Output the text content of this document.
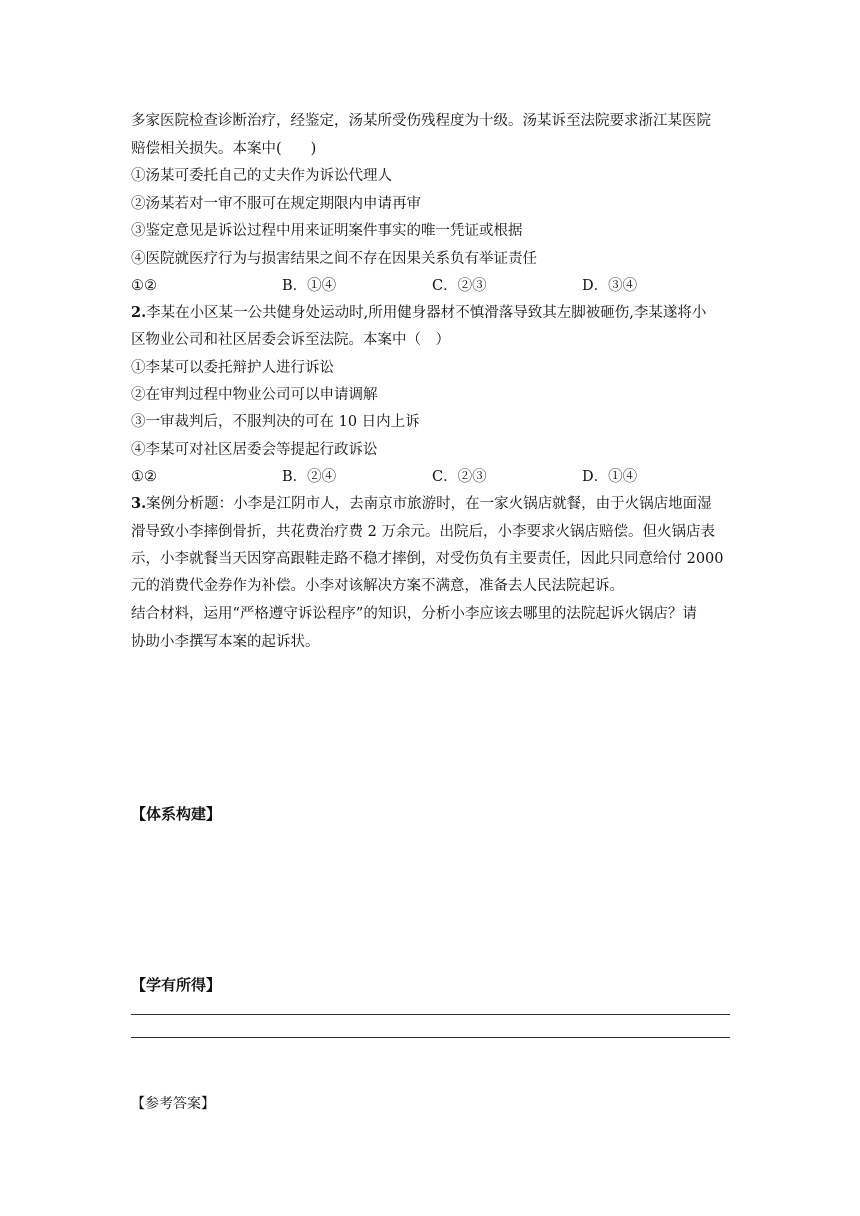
多家医院检查诊断治疗，经鉴定，汤某所受伤残程度为十级。汤某诉至法院要求浙江某医院
赔偿相关损失。本案中(　　)
①汤某可委托自己的丈夫作为诉讼代理人
②汤某若对一审不服可在规定期限内申请再审
③鉴定意见是诉讼过程中用来证明案件事实的唯一凭证或根据
④医院就医疗行为与损害结果之间不存在因果关系负有举证责任
①②	B．①④	C．②③	D．③④
2.李某在小区某一公共健身处运动时,所用健身器材不慎滑落导致其左脚被砸伤,李某遂将小
区物业公司和社区居委会诉至法院。本案中（　）
①李某可以委托辩护人进行诉讼
②在审判过程中物业公司可以申请调解
③一审裁判后，不服判决的可在 10 日内上诉
④李某可对社区居委会等提起行政诉讼
①②	B．②④	C．②③	D．①④
3.案例分析题：小李是江阴市人，去南京市旅游时，在一家火锅店就餐，由于火锅店地面湿
滑导致小李摔倒骨折，共花费治疗费 2 万余元。出院后，小李要求火锅店赔偿。但火锅店表
示，小李就餐当天因穿高跟鞋走路不稳才摔倒，对受伤负有主要责任，因此只同意给付 2000
元的消费代金券作为补偿。小李对该解决方案不满意，准备去人民法院起诉。
结合材料，运用“严格遵守诉讼程序”的知识，分析小李应该去哪里的法院起诉火锅店？请
协助小李撰写本案的起诉状。
【体系构建】
【学有所得】
【参考答案】
